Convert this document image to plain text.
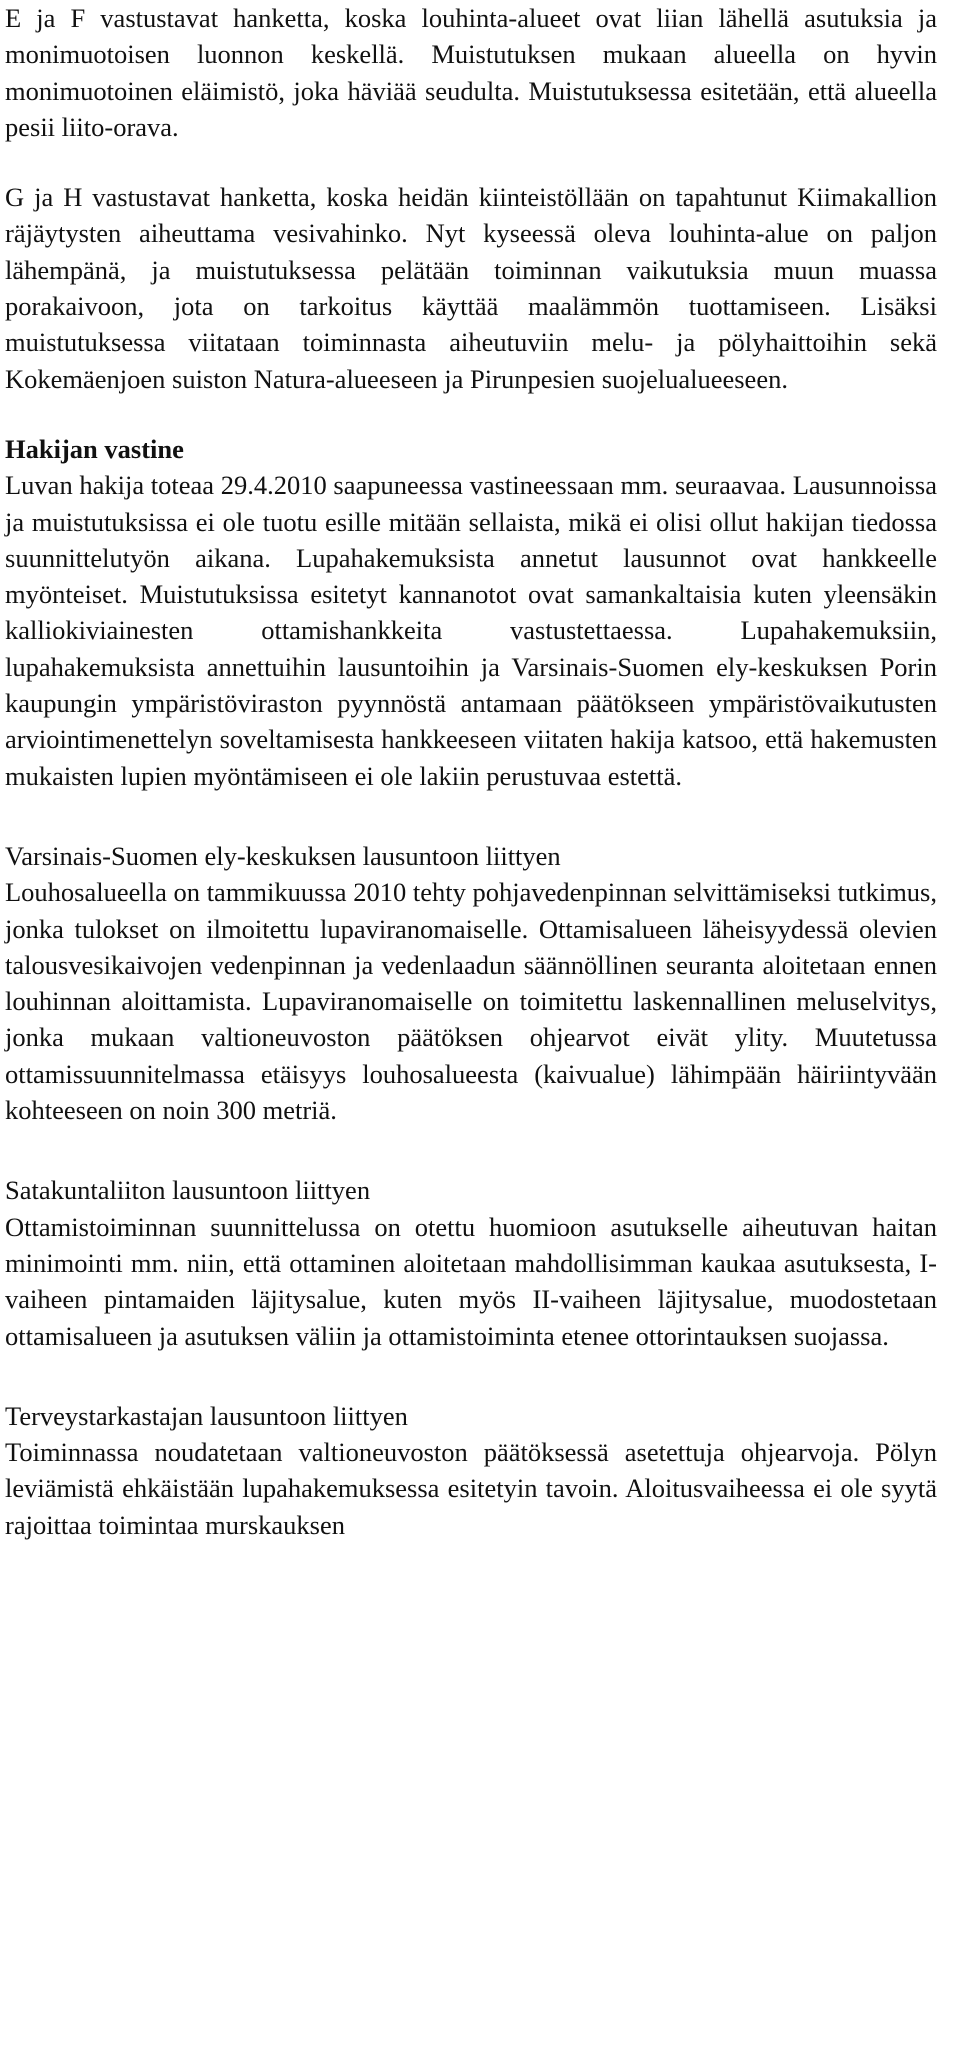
E ja F vastustavat hanketta, koska louhinta-alueet ovat liian lähellä asutuksia ja monimuotoisen luonnon keskellä. Muistutuksen mukaan alueella on hyvin monimuotoinen eläimistö, joka häviää seudulta. Muistutuksessa esitetään, että alueella pesii liito-orava.

G ja H vastustavat hanketta, koska heidän kiinteistöllään on tapahtunut Kiimakallion räjäytysten aiheuttama vesivahinko. Nyt kyseessä oleva louhinta-alue on paljon lähempänä, ja muistutuksessa pelätään toiminnan vaikutuksia muun muassa porakaivoon, jota on tarkoitus käyttää maalämmön tuottamiseen. Lisäksi muistutuksessa viitataan toiminnasta aiheutuviin melu- ja pölyhaittoihin sekä Kokemäenjoen suiston Natura-alueeseen ja Pirunpesien suojelualueeseen.

Hakijan vastine

Luvan hakija toteaa 29.4.2010 saapuneessa vastineessaan mm. seuraavaa. Lausunnoissa ja muistutuksissa ei ole tuotu esille mitään sellaista, mikä ei olisi ollut hakijan tiedossa suunnittelutyön aikana. Lupahakemuksista annetut lausunnot ovat hankkeelle myönteiset. Muistutuksissa esitetyt kannanotot ovat samankaltaisia kuten yleensäkin kalliokiviainesten ottamishankkeita vastustettaessa. Lupahakemuksiin, lupahakemuksista annettuihin lausuntoihin ja Varsinais-Suomen ely-keskuksen Porin kaupungin ympäristöviraston pyynnöstä antamaan päätökseen ympäristövaikutusten arviointimenettelyn soveltamisesta hankkeeseen viitaten hakija katsoo, että hakemusten mukaisten lupien myöntämiseen ei ole lakiin perustuvaa estettä.

Varsinais-Suomen ely-keskuksen lausuntoon liittyen

Louhosalueella on tammikuussa 2010 tehty pohjavedenpinnan selvittämiseksi tutkimus, jonka tulokset on ilmoitettu lupaviranomaiselle. Ottamisalueen läheisyydessä olevien talousvesikaivojen vedenpinnan ja vedenlaadun säännöllinen seuranta aloitetaan ennen louhinnan aloittamista. Lupaviranomaiselle on toimitettu laskennallinen meluselvitys, jonka mukaan valtioneuvoston päätöksen ohjearvot eivät ylity. Muutetussa ottamissuunnitelmassa etäisyys louhosalueesta (kaivualue) lähimpään häiriintyvään kohteeseen on noin 300 metriä.

Satakuntaliiton lausuntoon liittyen

Ottamistoiminnan suunnittelussa on otettu huomioon asutukselle aiheutuvan haitan minimointi mm. niin, että ottaminen aloitetaan mahdollisimman kaukaa asutuksesta, I-vaiheen pintamaiden läjitysalue, kuten myös II-vaiheen läjitysalue, muodostetaan ottamisalueen ja asutuksen väliin ja ottamistoiminta etenee ottorintauksen suojassa.

Terveystarkastajan lausuntoon liittyen

Toiminnassa noudatetaan valtioneuvoston päätöksessä asetettuja ohjearvoja. Pölyn leviämistä ehkäistään lupahakemuksessa esitetyin tavoin. Aloitusvaiheessa ei ole syytä rajoittaa toimintaa murskauksen
